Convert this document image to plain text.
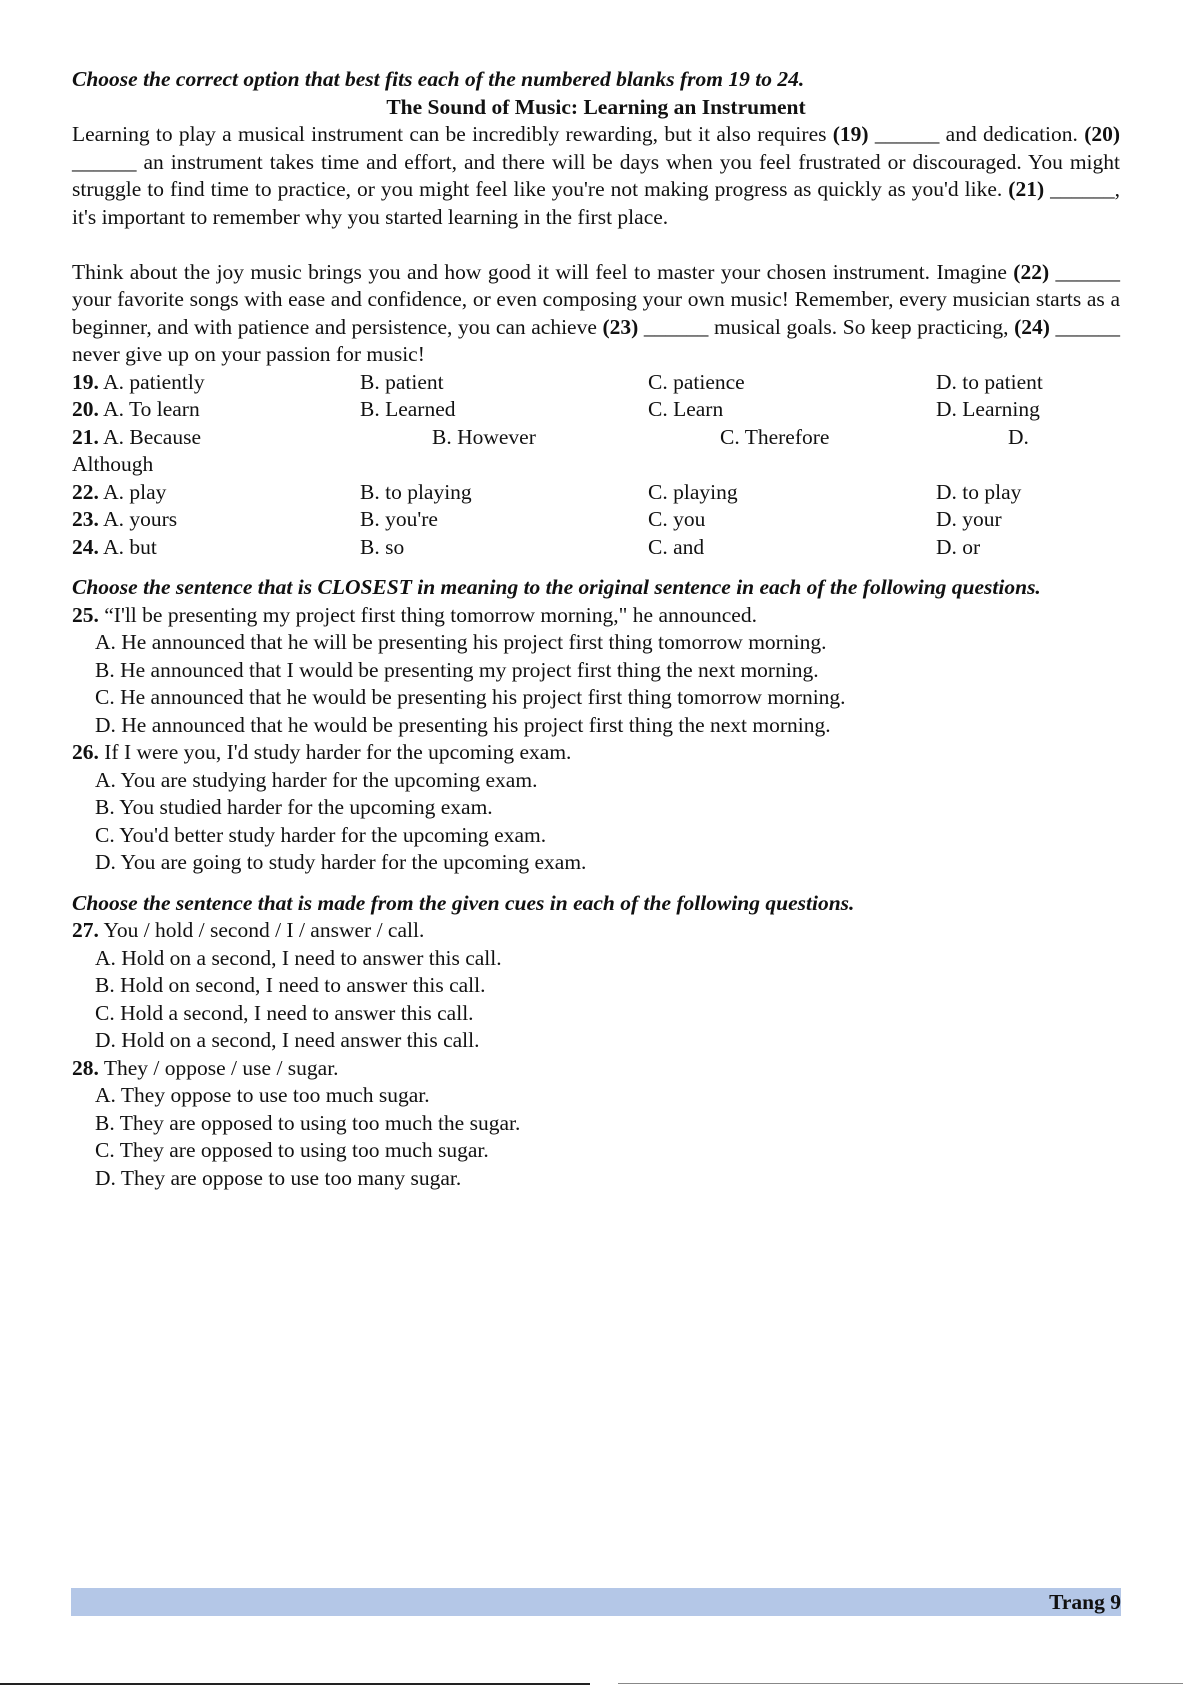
Choose the correct option that best fits each of the numbered blanks from 19 to 24.
The Sound of Music: Learning an Instrument

Learning to play a musical instrument can be incredibly rewarding, but it also requires (19) ______ and dedication. (20) ______ an instrument takes time and effort, and there will be days when you feel frustrated or discouraged. You might struggle to find time to practice, or you might feel like you're not making progress as quickly as you'd like. (21) ______, it's important to remember why you started learning in the first place.

Think about the joy music brings you and how good it will feel to master your chosen instrument. Imagine (22) ______ your favorite songs with ease and confidence, or even composing your own music! Remember, every musician starts as a beginner, and with patience and persistence, you can achieve (23) ______ musical goals. So keep practicing, (24) ______ never give up on your passion for music!

19. A. patiently	B. patient	C. patience	D. to patient
20. A. To learn	B. Learned	C. Learn	D. Learning
21. A. Because	B. However	C. Therefore	D.
Although
22. A. play	B. to playing	C. playing	D. to play
23. A. yours	B. you're	C. you	D. your
24. A. but	B. so	C. and	D. or
Choose the sentence that is CLOSEST in meaning to the original sentence in each of the following questions.
25. “I'll be presenting my project first thing tomorrow morning," he announced.
A. He announced that he will be presenting his project first thing tomorrow morning.
B. He announced that I would be presenting my project first thing the next morning.
C. He announced that he would be presenting his project first thing tomorrow morning.
D. He announced that he would be presenting his project first thing the next morning.
26. If I were you, I'd study harder for the upcoming exam.
A. You are studying harder for the upcoming exam.
B. You studied harder for the upcoming exam.
C. You'd better study harder for the upcoming exam.
D. You are going to study harder for the upcoming exam.
Choose the sentence that is made from the given cues in each of the following questions.
27. You / hold / second / I / answer / call.
A. Hold on a second, I need to answer this call.
B. Hold on second, I need to answer this call.
C. Hold a second, I need to answer this call.
D. Hold on a second, I need answer this call.
28. They / oppose / use / sugar.
A. They oppose to use too much sugar.
B. They are opposed to using too much the sugar.
C. They are opposed to using too much sugar.
D. They are oppose to use too many sugar.
Trang 9
